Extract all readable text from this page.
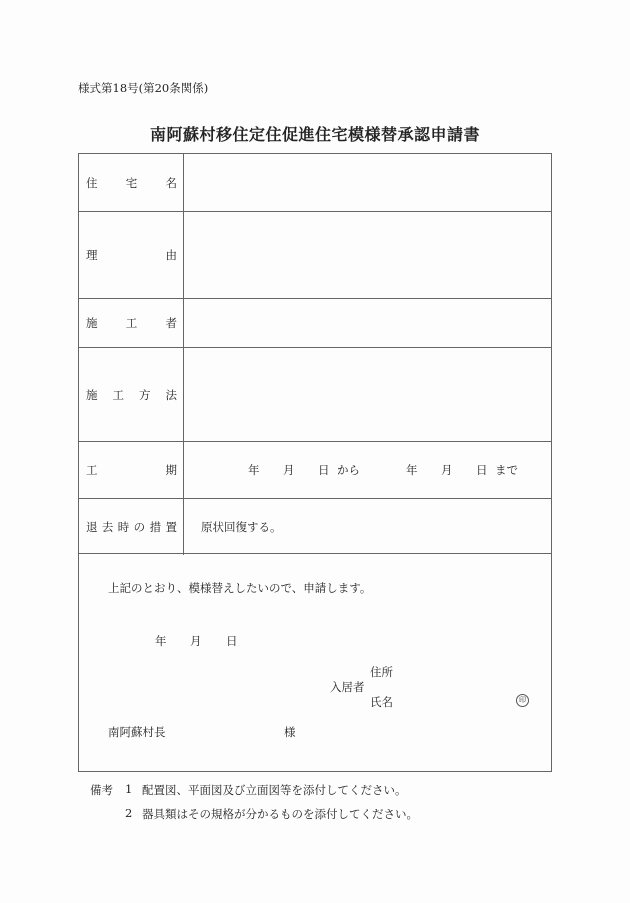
様式第18号(第20条関係)
南阿蘇村移住定住促進住宅模様替承認申請書
住 宅 名
理	由
施 工 者
施 工 方 法
工	期	年 月 日 から	年 月 日 まで
退 去 時 の 措 置	原状回復する。
上記のとおり、模様替えしたいので、申請します。
年 月 日
住所
入居者
氏名	印
南阿蘇村長	様
備考 1 配置図、平面図及び立面図等を添付してください。
2 器具類はその規格が分かるものを添付してください。
